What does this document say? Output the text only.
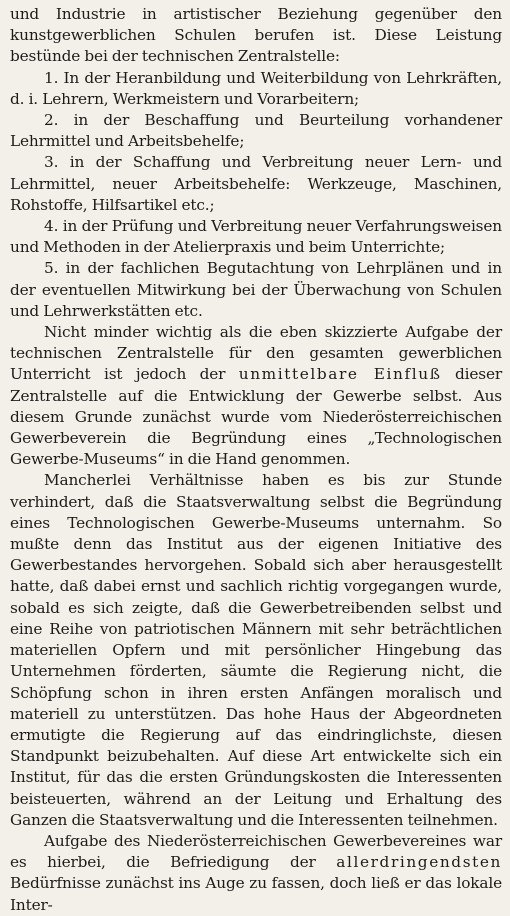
und Industrie in artistischer Beziehung gegenüber den kunstgewerblichen Schulen berufen ist. Diese Leistung bestünde bei der technischen Zentralstelle:

1. In der Heranbildung und Weiterbildung von Lehrkräften, d. i. Lehrern, Werkmeistern und Vorarbeitern;

2. in der Beschaffung und Beurteilung vorhandener Lehrmittel und Arbeitsbehelfe;

3. in der Schaffung und Verbreitung neuer Lern- und Lehrmittel, neuer Arbeitsbehelfe: Werkzeuge, Maschinen, Rohstoffe, Hilfsartikel etc.;

4. in der Prüfung und Verbreitung neuer Verfahrungsweisen und Methoden in der Atelierpraxis und beim Unterrichte;

5. in der fachlichen Begutachtung von Lehrplänen und in der eventuellen Mitwirkung bei der Überwachung von Schulen und Lehrwerkstätten etc.

Nicht minder wichtig als die eben skizzierte Aufgabe der technischen Zentralstelle für den gesamten gewerblichen Unterricht ist jedoch der unmittelbare Einfluß dieser Zentralstelle auf die Entwicklung der Gewerbe selbst. Aus diesem Grunde zunächst wurde vom Niederösterreichischen Gewerbeverein die Begründung eines „Technologischen Gewerbe-Museums“ in die Hand genommen.

Mancherlei Verhältnisse haben es bis zur Stunde verhindert, daß die Staatsverwaltung selbst die Begründung eines Technologischen Gewerbe-Museums unternahm. So mußte denn das Institut aus der eigenen Initiative des Gewerbestandes hervorgehen. Sobald sich aber herausgestellt hatte, daß dabei ernst und sachlich richtig vorgegangen wurde, sobald es sich zeigte, daß die Gewerbetreibenden selbst und eine Reihe von patriotischen Männern mit sehr beträchtlichen materiellen Opfern und mit persönlicher Hingebung das Unternehmen förderten, säumte die Regierung nicht, die Schöpfung schon in ihren ersten Anfängen moralisch und materiell zu unterstützen. Das hohe Haus der Abgeordneten ermutigte die Regierung auf das eindringlichste, diesen Standpunkt beizubehalten. Auf diese Art entwickelte sich ein Institut, für das die ersten Gründungskosten die Interessenten beisteuerten, während an der Leitung und Erhaltung des Ganzen die Staatsverwaltung und die Interessenten teilnehmen.

Aufgabe des Niederösterreichischen Gewerbevereines war es hierbei, die Befriedigung der allerdringendsten Bedürfnisse zunächst ins Auge zu fassen, doch ließ er das lokale Inter-
